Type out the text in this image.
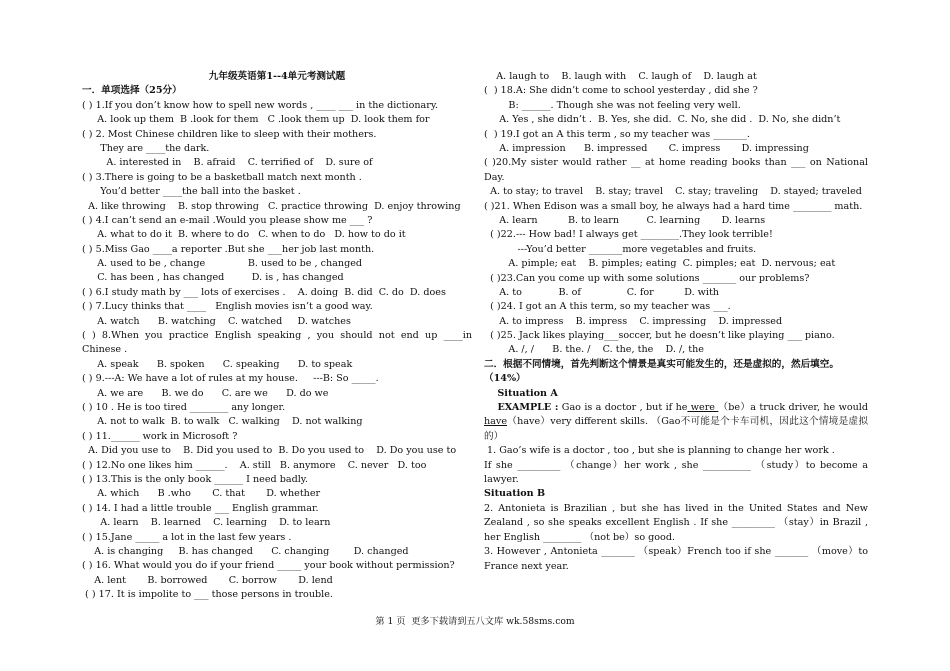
九年级英语第1--4单元考测试题
一．单项选择（25分）
( ) 1.If you don’t know how to spell new words , ____ ___ in the dictionary.
A. look up them  B .look for them   C .look them up  D. look them for
( ) 2. Most Chinese children like to sleep with their mothers.
They are ____the dark.
A. interested in    B. afraid    C. terrified of    D. sure of
( ) 3.There is going to be a basketball match next month .
You’d better ____the ball into the basket .
A. like throwing    B. stop throwing   C. practice throwing  D. enjoy throwing
( ) 4.I can’t send an e-mail .Would you please show me ___ ?
A. what to do it  B. where to do   C. when to do   D. how to do it
( ) 5.Miss Gao ____a reporter .But she ___her job last month.
A. used to be , change              B. used to be , changed
C. has been , has changed         D. is , has changed
( ) 6.I study math by ___ lots of exercises .    A. doing  B. did  C. do  D. does
( ) 7.Lucy thinks that ____   English movies isn’t a good way.
A. watch      B. watching    C. watched     D. watches
( ) 8.When you practice English speaking , you should not end up ____in Chinese .
A. speak      B. spoken      C. speaking      D. to speak
( ) 9.---A: We have a lot of rules at my house.     ---B: So _____.
A. we are      B. we do      C. are we      D. do we
( ) 10 . He is too tired ________ any longer.
A. not to walk  B. to walk   C. walking    D. not walking
( ) 11.______ work in Microsoft ?
A. Did you use to    B. Did you used to  B. Do you used to    D. Do you use to
( ) 12.No one likes him ______.    A. still   B. anymore    C. never   D. too
( ) 13.This is the only book ______ I need badly.
A. which      B .who       C. that       D. whether
( ) 14. I had a little trouble ___ English grammar.
A. learn    B. learned    C. learning    D. to learn
( ) 15.Jane _____ a lot in the last few years .
A. is changing     B. has changed      C. changing        D. changed
( ) 16. What would you do if your friend _____ your book without permission?
A. lent       B. borrowed       C. borrow       D. lend
( ) 17. It is impolite to ___ those persons in trouble.
A. laugh to    B. laugh with    C. laugh of    D. laugh at
(  ) 18.A: She didn’t come to school yesterday , did she ?
B: ______. Though she was not feeling very well.
A. Yes , she didn’t .  B. Yes, she did.  C. No, she did .  D. No, she didn’t
(  ) 19.I got an A this term , so my teacher was _______.
A. impression      B. impressed       C. impress       D. impressing
( )20.My sister would rather __ at home reading books than ___ on National Day.
A. to stay; to travel    B. stay; travel    C. stay; traveling    D. stayed; traveled
( )21. When Edison was a small boy, he always had a hard time ________ math.
A. learn          B. to learn         C. learning       D. learns
( )22.--- How bad! I always get ________.They look terrible!
---You’d better _______more vegetables and fruits.
A. pimple; eat    B. pimples; eating  C. pimples; eat  D. nervous; eat
( )23.Can you come up with some solutions _______ our problems?
A. to            B. of               C. for          D. with
( )24. I got an A this term, so my teacher was ___.
A. to impress    B. impress    C. impressing    D. impressed
( )25. Jack likes playing___soccer, but he doesn’t like playing ___ piano.
A. /, /      B. the. /    C. the, the    D. /, the
二．根据不同情境，首先判断这个情景是真实可能发生的，还是虚拟的，然后填空。（14%）
Situation A
EXAMPLE : Gao is a doctor , but if he were （be）a truck driver, he would have（have）very different skills. （Gao不可能是个卡车司机，因此这个情境是虚拟的）
1. Gao’s wife is a doctor , too , but she is planning to change her work .
If she _________ （change）her work , she __________ （study）to become a lawyer.
Situation B
2. Antonieta is Brazilian , but she has lived in the United States and New Zealand , so she speaks excellent English . If she _________ （stay）in Brazil , her English ________ （not be）so good.
3. However , Antonieta _______ （speak）French too if she _______ （move）to France next year.
第 1 页  更多下载请到五八文库 wk.58sms.com
